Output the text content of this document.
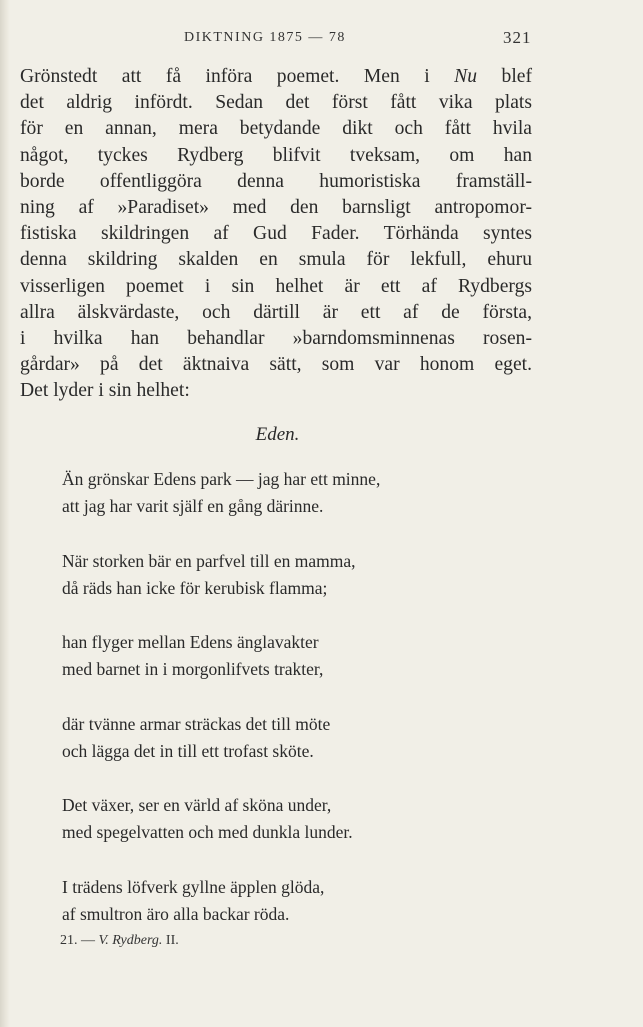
DIKTNING 1875 — 78	321
Grönstedt att få införa poemet. Men i Nu blef
det aldrig infördt. Sedan det först fått vika plats
för en annan, mera betydande dikt och fått hvila
något, tyckes Rydberg blifvit tveksam, om han
borde offentliggöra denna humoristiska framställ-
ning af »Paradiset» med den barnsligt antropomor-
fistiska skildringen af Gud Fader. Törhända syntes
denna skildring skalden en smula för lekfull, ehuru
visserligen poemet i sin helhet är ett af Rydbergs
allra älskvärdaste, och därtill är ett af de första,
i hvilka han behandlar »barndomsminnenas rosen-
gårdar» på det äktnaiva sätt, som var honom eget.
Det lyder i sin helhet:
Eden.
Än grönskar Edens park — jag har ett minne,
att jag har varit själf en gång därinne.
När storken bär en parfvel till en mamma,
då räds han icke för kerubisk flamma;
han flyger mellan Edens änglavakter
med barnet in i morgonlifvets trakter,
där tvänne armar sträckas det till möte
och lägga det in till ett trofast sköte.
Det växer, ser en värld af sköna under,
med spegelvatten och med dunkla lunder.
I trädens löfverk gyllne äpplen glöda,
af smultron äro alla backar röda.
21. — V. Rydberg. II.
